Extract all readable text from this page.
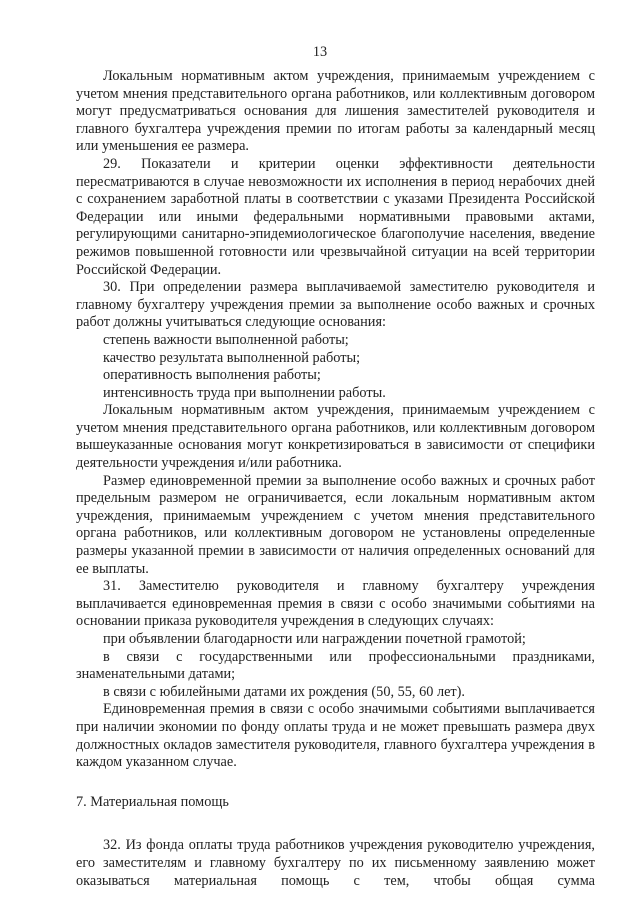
13

Локальным нормативным актом учреждения, принимаемым учреждением с учетом мнения представительного органа работников, или коллективным договором могут предусматриваться основания для лишения заместителей руководителя и главного бухгалтера учреждения премии по итогам работы за календарный месяц или уменьшения ее размера.

29. Показатели и критерии оценки эффективности деятельности пересматриваются в случае невозможности их исполнения в период нерабочих дней с сохранением заработной платы в соответствии с указами Президента Российской Федерации или иными федеральными нормативными правовыми актами, регулирующими санитарно-эпидемиологическое благополучие населения, введение режимов повышенной готовности или чрезвычайной ситуации на всей территории Российской Федерации.

30. При определении размера выплачиваемой заместителю руководителя и главному бухгалтеру учреждения премии за выполнение особо важных и срочных работ должны учитываться следующие основания:

степень важности выполненной работы;

качество результата выполненной работы;

оперативность выполнения работы;

интенсивность труда при выполнении работы.

Локальным нормативным актом учреждения, принимаемым учреждением с учетом мнения представительного органа работников, или коллективным договором вышеуказанные основания могут конкретизироваться в зависимости от специфики деятельности учреждения и/или работника.

Размер единовременной премии за выполнение особо важных и срочных работ предельным размером не ограничивается, если локальным нормативным актом учреждения, принимаемым учреждением с учетом мнения представительного органа работников, или коллективным договором не установлены определенные размеры указанной премии в зависимости от наличия определенных оснований для ее выплаты.

31. Заместителю руководителя и главному бухгалтеру учреждения выплачивается единовременная премия в связи с особо значимыми событиями на основании приказа руководителя учреждения в следующих случаях:

при объявлении благодарности или награждении почетной грамотой;

в связи с государственными или профессиональными праздниками, знаменательными датами;

в связи с юбилейными датами их рождения (50, 55, 60 лет).

Единовременная премия в связи с особо значимыми событиями выплачивается при наличии экономии по фонду оплаты труда и не может превышать размера двух должностных окладов заместителя руководителя, главного бухгалтера учреждения в каждом указанном случае.

7. Материальная помощь

32. Из фонда оплаты труда работников учреждения руководителю учреждения, его заместителям и главному бухгалтеру по их письменному заявлению может оказываться материальная помощь с тем, чтобы общая сумма
